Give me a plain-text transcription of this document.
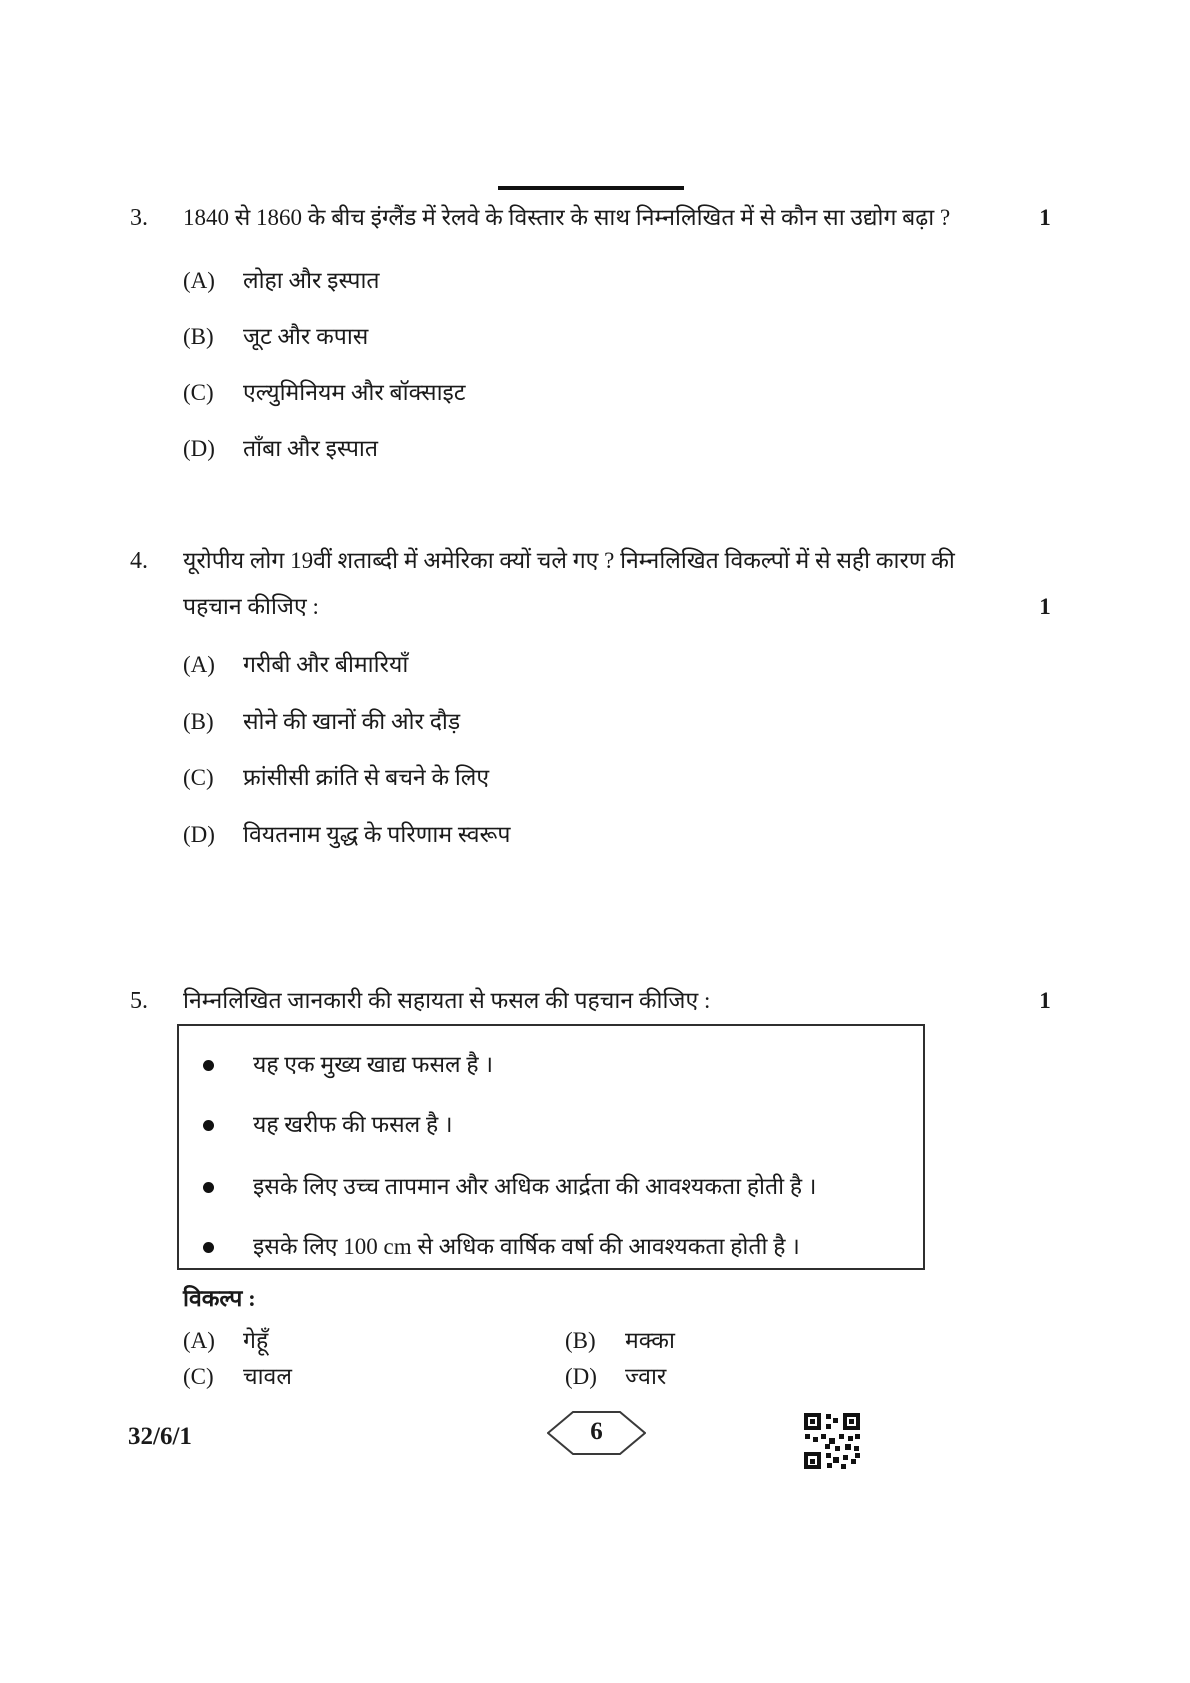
3. 1840 से 1860 के बीच इंग्लैंड में रेलवे के विस्तार के साथ निम्नलिखित में से कौन सा उद्योग बढ़ा ?	1
(A) लोहा और इस्पात
(B) जूट और कपास
(C) एल्युमिनियम और बॉक्साइट
(D) ताँबा और इस्पात
4. यूरोपीय लोग 19वीं शताब्दी में अमेरिका क्यों चले गए ? निम्नलिखित विकल्पों में से सही कारण की
पहचान कीजिए :	1
(A) गरीबी और बीमारियाँ
(B) सोने की खानों की ओर दौड़
(C) फ्रांसीसी क्रांति से बचने के लिए
(D) वियतनाम युद्ध के परिणाम स्वरूप
5. निम्नलिखित जानकारी की सहायता से फसल की पहचान कीजिए :	1
यह एक मुख्य खाद्य फसल है ।
यह खरीफ की फसल है ।
इसके लिए उच्च तापमान और अधिक आर्द्रता की आवश्यकता होती है ।
इसके लिए 100 cm से अधिक वार्षिक वर्षा की आवश्यकता होती है ।
विकल्प :
(A) गेहूँ	(B) मक्का
(C) चावल	(D) ज्वार
32/6/1	6
